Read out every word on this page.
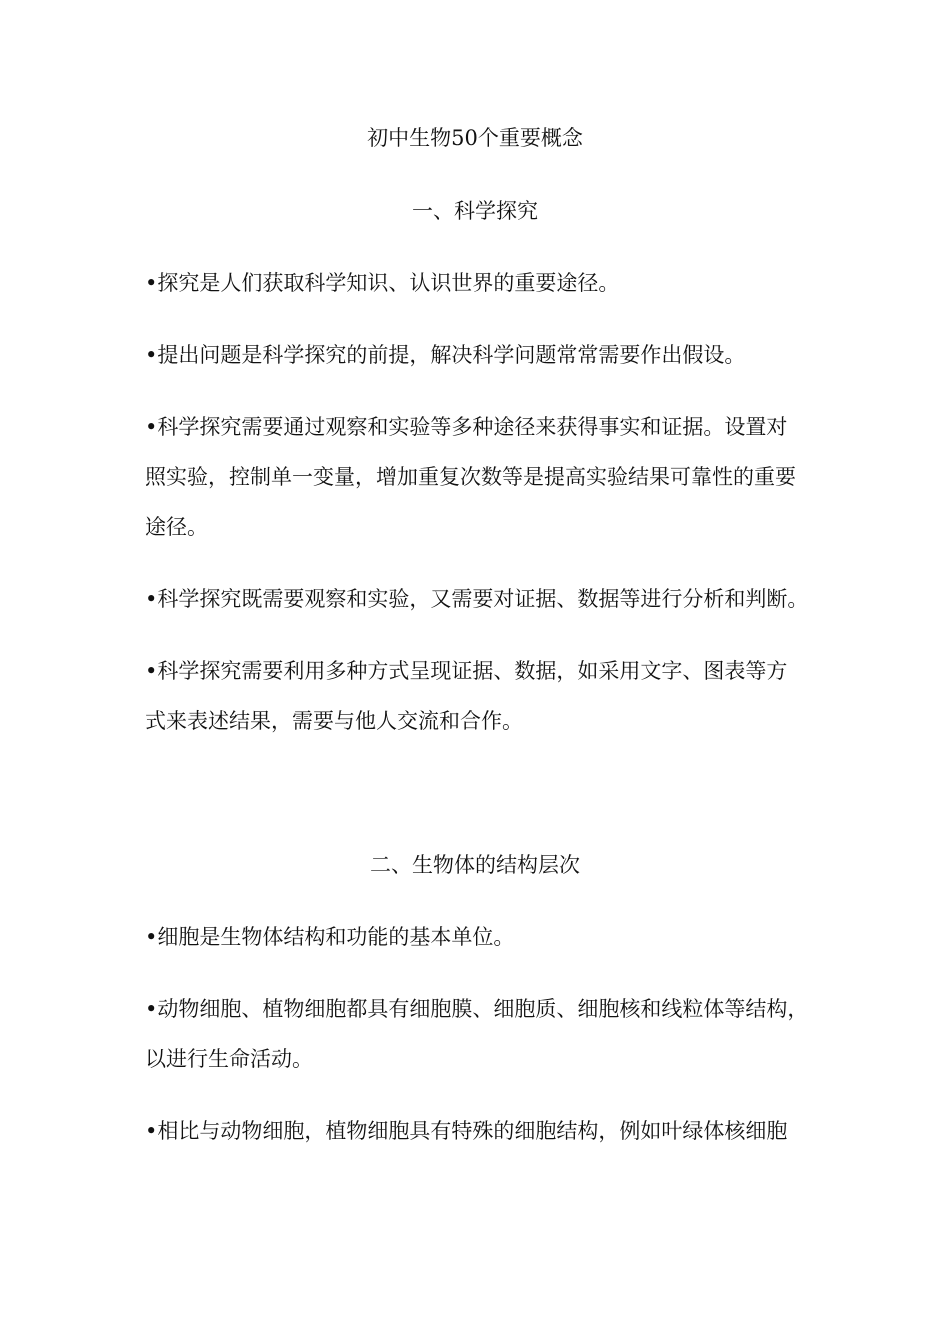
初中生物50个重要概念
一、科学探究
•探究是人们获取科学知识、认识世界的重要途径。
•提出问题是科学探究的前提，解决科学问题常常需要作出假设。
•科学探究需要通过观察和实验等多种途径来获得事实和证据。设置对
照实验，控制单一变量，增加重复次数等是提高实验结果可靠性的重要
途径。
•科学探究既需要观察和实验，又需要对证据、数据等进行分析和判断。
•科学探究需要利用多种方式呈现证据、数据，如采用文字、图表等方
式来表述结果，需要与他人交流和合作。
二、生物体的结构层次
•细胞是生物体结构和功能的基本单位。
•动物细胞、植物细胞都具有细胞膜、细胞质、细胞核和线粒体等结构，
以进行生命活动。
•相比与动物细胞，植物细胞具有特殊的细胞结构，例如叶绿体核细胞
